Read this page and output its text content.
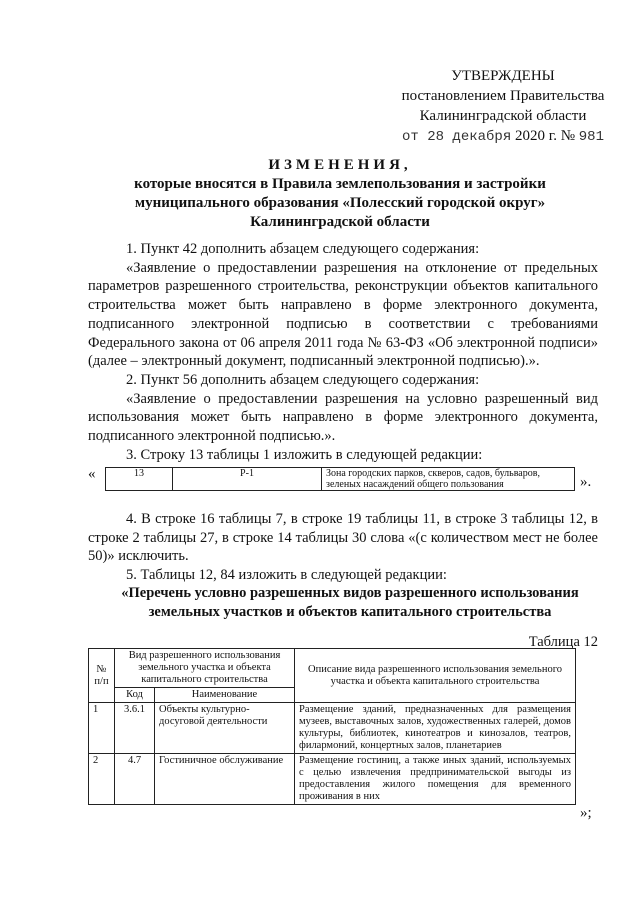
УТВЕРЖДЕНЫ
постановлением Правительства
Калининградской области
от 28 декабря 2020 г. № 981
ИЗМЕНЕНИЯ,
которые вносятся в Правила землепользования и застройки
муниципального образования «Полесский городской округ»
Калининградской области
1. Пункт 42 дополнить абзацем следующего содержания:
«Заявление о предоставлении разрешения на отклонение от предельных параметров разрешенного строительства, реконструкции объектов капитального строительства может быть направлено в форме электронного документа, подписанного электронной подписью в соответствии с требованиями Федерального закона от 06 апреля 2011 года № 63-ФЗ «Об электронной подписи» (далее – электронный документ, подписанный электронной подписью).».
2. Пункт 56 дополнить абзацем следующего содержания:
«Заявление о предоставлении разрешения на условно разрешенный вид использования может быть направлено в форме электронного документа, подписанного электронной подписью.».
3. Строку 13 таблицы 1 изложить в следующей редакции:
«	13	Р-1	Зона городских парков, скверов, садов, бульваров, зеленых насаждений общего пользования	».
4. В строке 16 таблицы 7, в строке 19 таблицы 11, в строке 3 таблицы 12, в строке 2 таблицы 27, в строке 14 таблицы 30 слова «(с количеством мест не более 50)» исключить.
5. Таблицы 12, 84 изложить в следующей редакции:
«Перечень условно разрешенных видов разрешенного использования
земельных участков и объектов капитального строительства
Таблица 12
№ п/п	Вид разрешенного использования земельного участка и объекта капитального строительства		Описание вида разрешенного использования земельного участка и объекта капитального строительства
	Код	Наименование	
1	3.6.1	Объекты культурно-досуговой деятельности	Размещение зданий, предназначенных для размещения музеев, выставочных залов, художественных галерей, домов культуры, библиотек, кинотеатров и кинозалов, театров, филармоний, концертных залов, планетариев
2	4.7	Гостиничное обслуживание	Размещение гостиниц, а также иных зданий, используемых с целью извлечения предпринимательской выгоды из предоставления жилого помещения для временного проживания в них
»;
